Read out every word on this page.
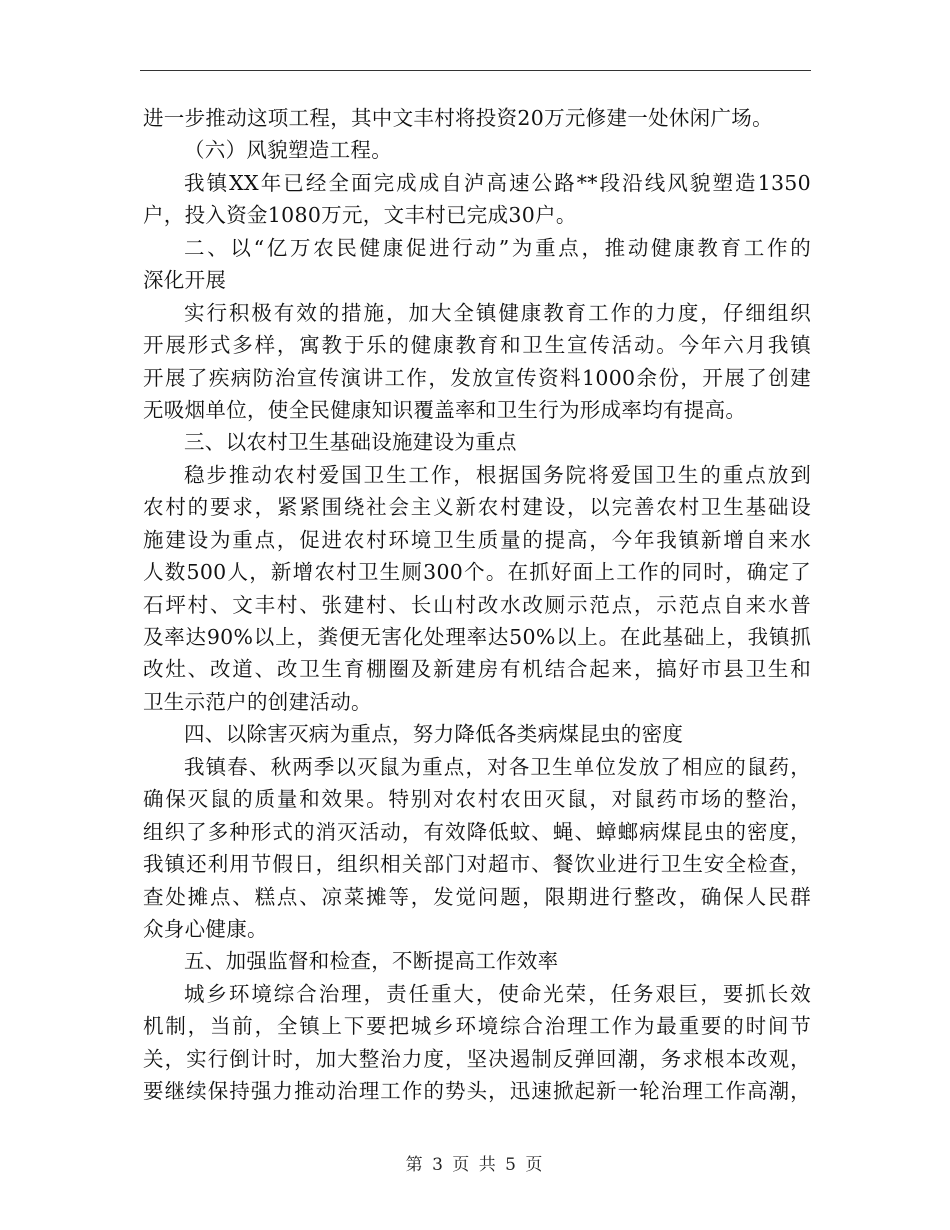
进一步推动这项工程，其中文丰村将投资20万元修建一处休闲广场。
（六）风貌塑造工程。
我镇XX年已经全面完成成自泸高速公路**段沿线风貌塑造1350
户，投入资金1080万元，文丰村已完成30户。
二、以“亿万农民健康促进行动”为重点，推动健康教育工作的
深化开展
实行积极有效的措施，加大全镇健康教育工作的力度，仔细组织
开展形式多样，寓教于乐的健康教育和卫生宣传活动。今年六月我镇
开展了疾病防治宣传演讲工作，发放宣传资料1000余份，开展了创建
无吸烟单位，使全民健康知识覆盖率和卫生行为形成率均有提高。
三、以农村卫生基础设施建设为重点
稳步推动农村爱国卫生工作，根据国务院将爱国卫生的重点放到
农村的要求，紧紧围绕社会主义新农村建设，以完善农村卫生基础设
施建设为重点，促进农村环境卫生质量的提高，今年我镇新增自来水
人数500人，新增农村卫生厕300个。在抓好面上工作的同时，确定了
石坪村、文丰村、张建村、长山村改水改厕示范点，示范点自来水普
及率达90%以上，粪便无害化处理率达50%以上。在此基础上，我镇抓
改灶、改道、改卫生育棚圈及新建房有机结合起来，搞好市县卫生和
卫生示范户的创建活动。
四、以除害灭病为重点，努力降低各类病煤昆虫的密度
我镇春、秋两季以灭鼠为重点，对各卫生单位发放了相应的鼠药，
确保灭鼠的质量和效果。特别对农村农田灭鼠，对鼠药市场的整治，
组织了多种形式的消灭活动，有效降低蚊、蝇、蟑螂病煤昆虫的密度，
我镇还利用节假日，组织相关部门对超市、餐饮业进行卫生安全检查，
查处摊点、糕点、凉菜摊等，发觉问题，限期进行整改，确保人民群
众身心健康。
五、加强监督和检查，不断提高工作效率
城乡环境综合治理，责任重大，使命光荣，任务艰巨，要抓长效
机制，当前，全镇上下要把城乡环境综合治理工作为最重要的时间节
关，实行倒计时，加大整治力度，坚决遏制反弹回潮，务求根本改观，
要继续保持强力推动治理工作的势头，迅速掀起新一轮治理工作高潮，
第 3 页 共 5 页
